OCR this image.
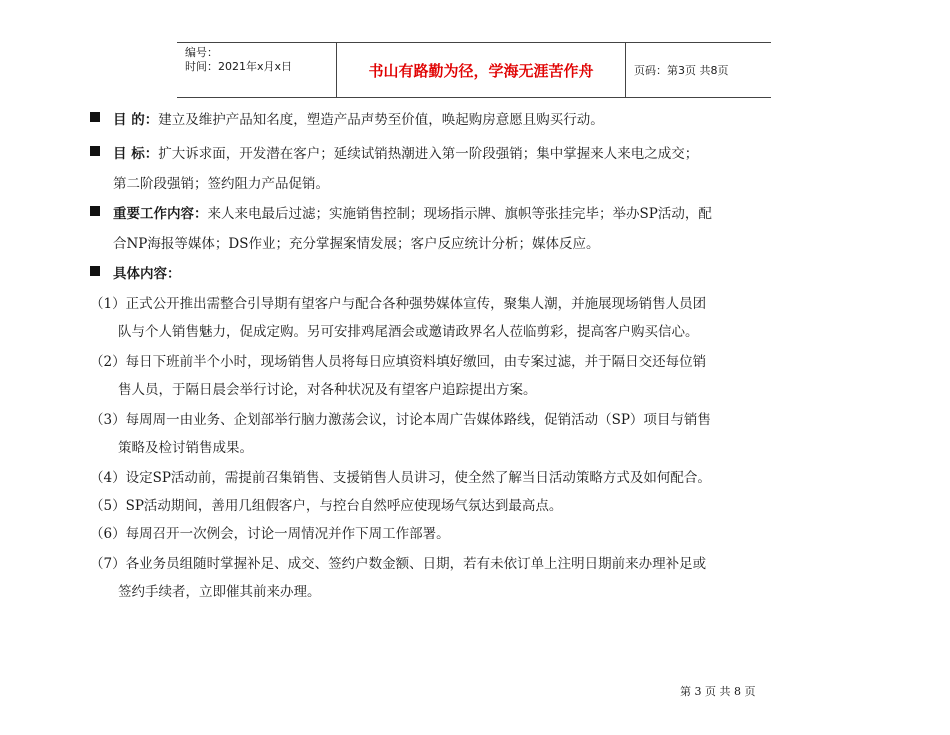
编号：
时间：2021年x月x日	书山有路勤为径，学海无涯苦作舟	页码：第3页 共8页
目 的：建立及维护产品知名度，塑造产品声势至价值，唤起购房意愿且购买行动。
目 标：扩大诉求面，开发潜在客户；延续试销热潮进入第一阶段强销；集中掌握来人来电之成交；
第二阶段强销；签约阻力产品促销。
重要工作内容：来人来电最后过滤；实施销售控制；现场指示牌、旗帜等张挂完毕；举办SP活动，配
合NP海报等媒体；DS作业；充分掌握案情发展；客户反应统计分析；媒体反应。
具体内容：
（1）正式公开推出需整合引导期有望客户与配合各种强势媒体宣传，聚集人潮，并施展现场销售人员团
队与个人销售魅力，促成定购。另可安排鸡尾酒会或邀请政界名人莅临剪彩，提高客户购买信心。
（2）每日下班前半个小时，现场销售人员将每日应填资料填好缴回，由专案过滤，并于隔日交还每位销
售人员，于隔日晨会举行讨论，对各种状况及有望客户追踪提出方案。
（3）每周周一由业务、企划部举行脑力激荡会议，讨论本周广告媒体路线，促销活动（SP）项目与销售
策略及检讨销售成果。
（4）设定SP活动前，需提前召集销售、支援销售人员讲习，使全然了解当日活动策略方式及如何配合。
（5）SP活动期间，善用几组假客户，与控台自然呼应使现场气氛达到最高点。
（6）每周召开一次例会，讨论一周情况并作下周工作部署。
（7）各业务员组随时掌握补足、成交、签约户数金额、日期，若有未依订单上注明日期前来办理补足或
签约手续者，立即催其前来办理。
第 3 页 共 8 页
